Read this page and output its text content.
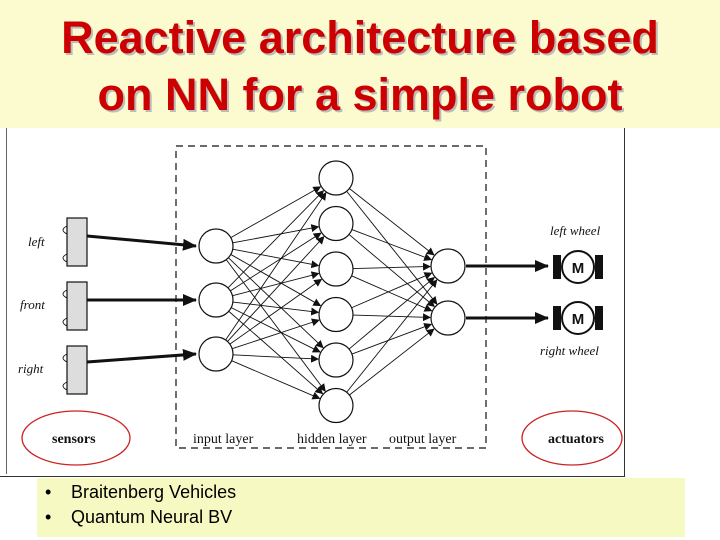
Reactive architecture based
on NN for a simple robot
left
front
right
M
M
left wheel
right wheel
sensors	input layer	hidden layer output layer	actuators
• Braitenberg Vehicles
• Quantum Neural BV
